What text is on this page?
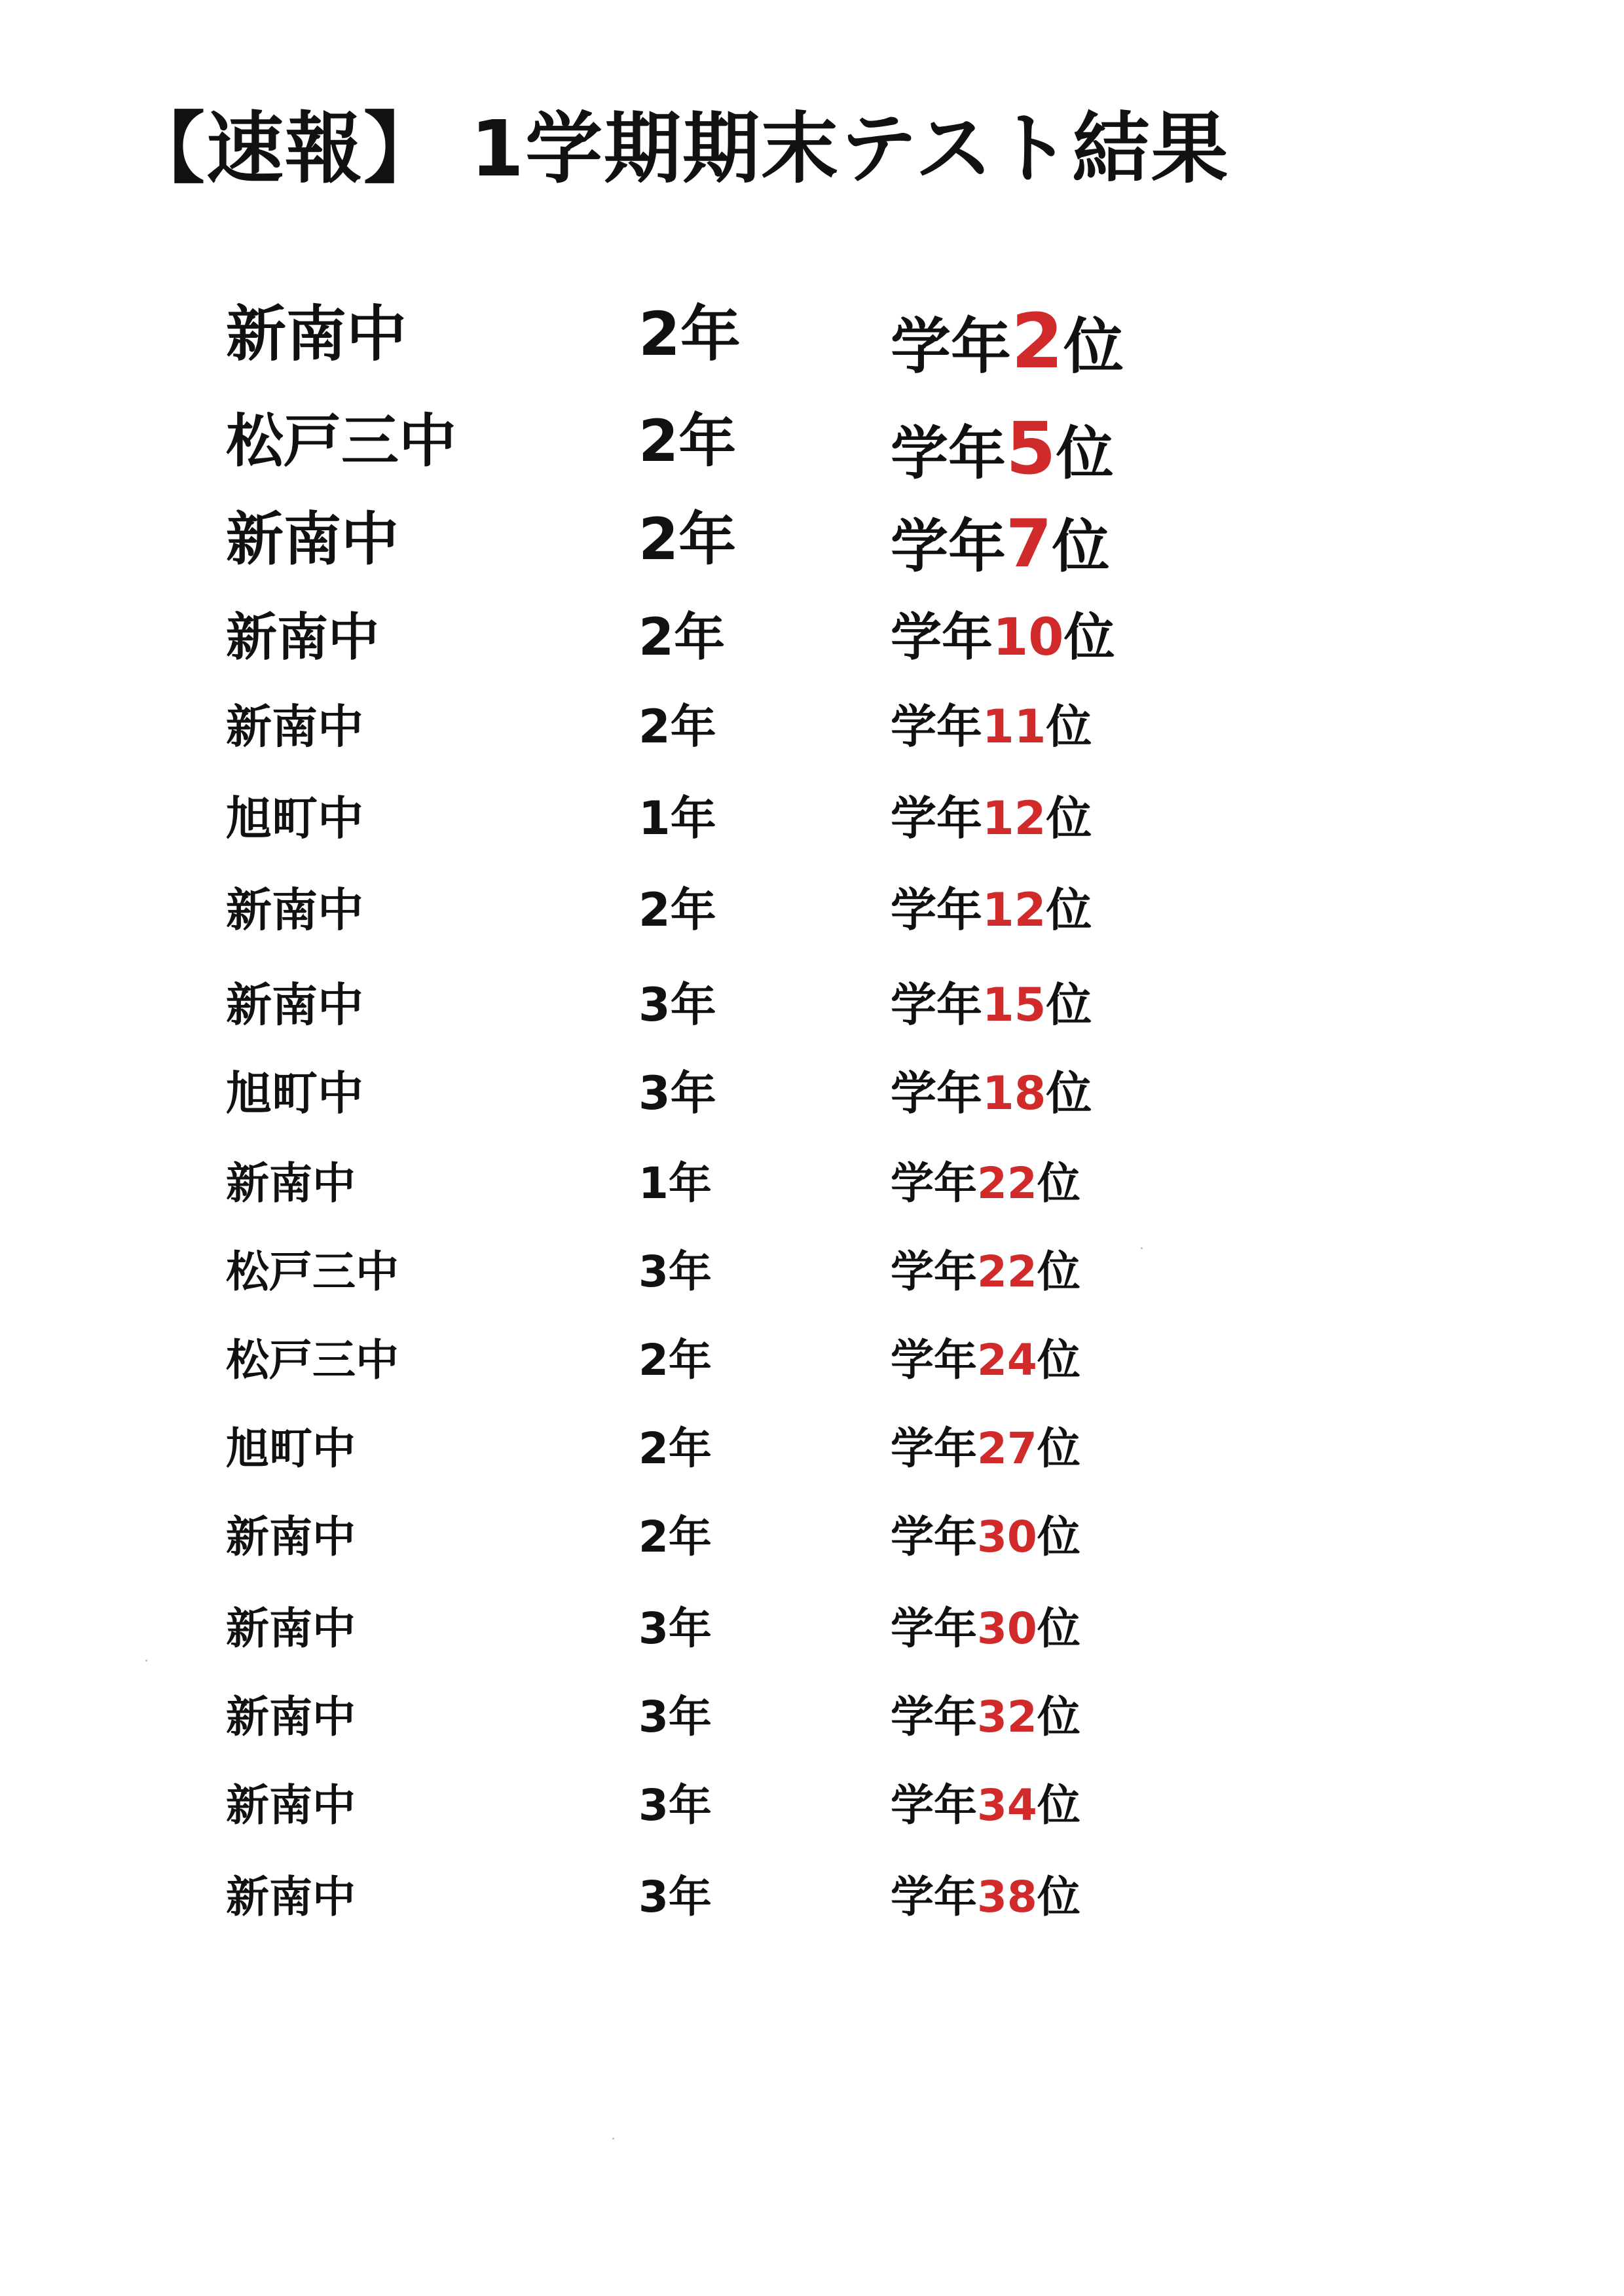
【速報】 1学期期末テスト結果
新南中	2年 学年2位
松戸三中	2年	学年5位
新南中	2年	学年7位
新南中	2年	学年10位
新南中	2年	学年11位
旭町中	1年	学年12位
新南中	2年	学年12位
新南中	3年	学年15位
旭町中	3年	学年18位
新南中	1年	学年22位
松戸三中	3年	学年22位
松戸三中	2年	学年24位
旭町中	2年	学年27位
新南中	2年	学年30位
新南中	3年	学年30位
新南中	3年	学年32位
新南中	3年	学年34位
新南中	3年	学年38位
